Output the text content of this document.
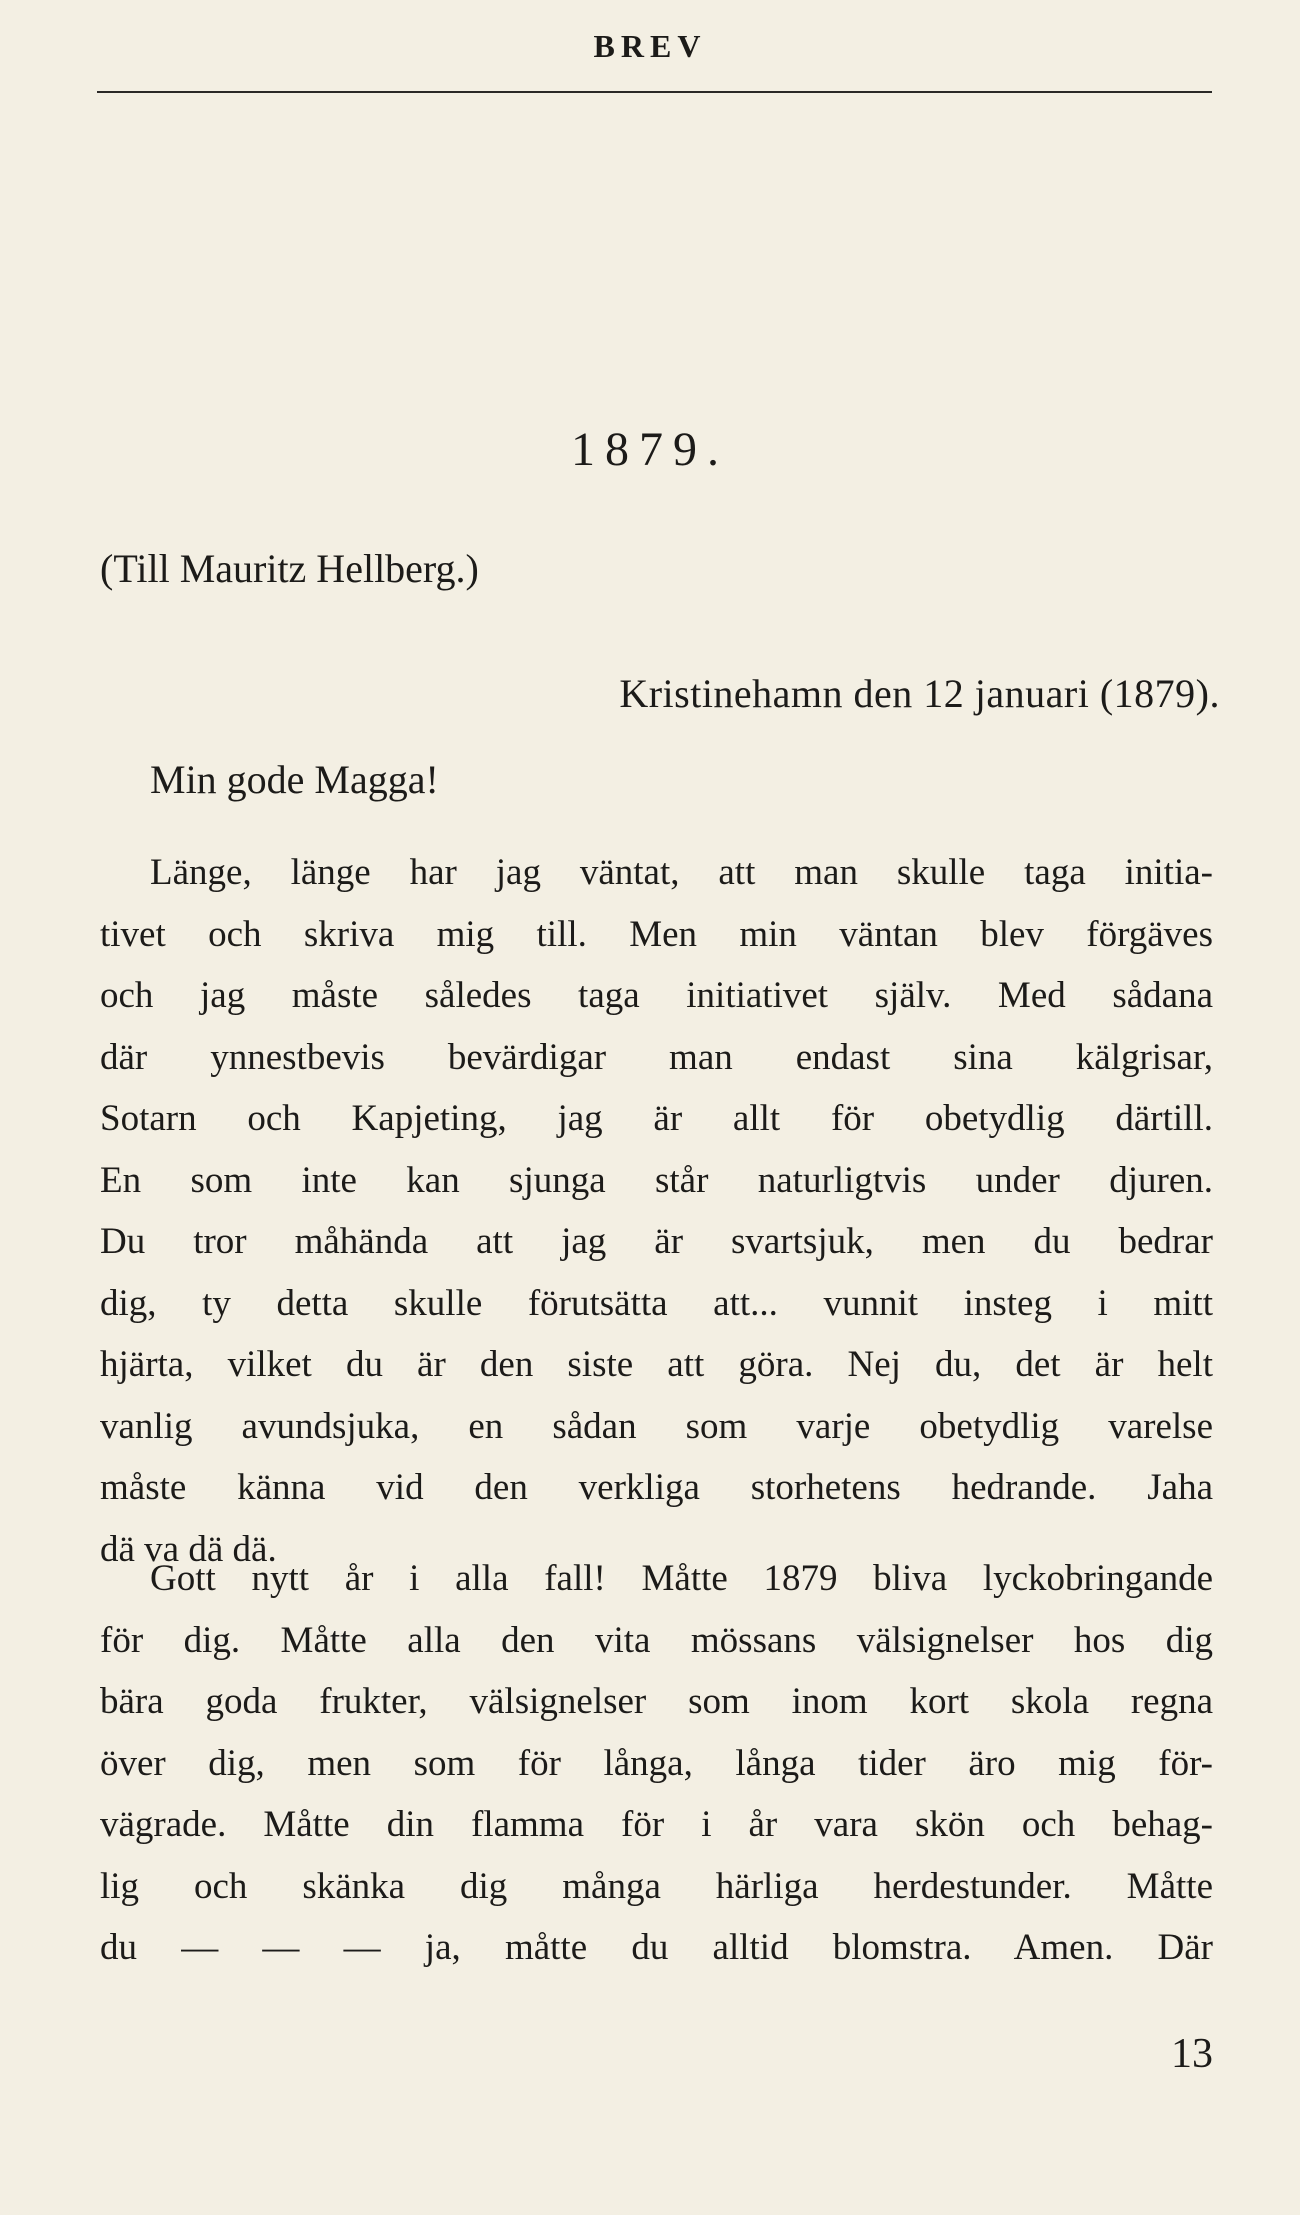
BREV
1879.
(Till Mauritz Hellberg.)
Kristinehamn den 12 januari (1879).
Min gode Magga!
Länge, länge har jag väntat, att man skulle taga initia-
tivet och skriva mig till. Men min väntan blev förgäves
och jag måste således taga initiativet själv. Med sådana
där ynnestbevis bevärdigar man endast sina kälgrisar,
Sotarn och Kapjeting, jag är allt för obetydlig därtill.
En som inte kan sjunga står naturligtvis under djuren.
Du tror måhända att jag är svartsjuk, men du bedrar
dig, ty detta skulle förutsätta att... vunnit insteg i mitt
hjärta, vilket du är den siste att göra. Nej du, det är helt
vanlig avundsjuka, en sådan som varje obetydlig varelse
måste känna vid den verkliga storhetens hedrande. Jaha
dä va dä dä.
Gott nytt år i alla fall! Måtte 1879 bliva lyckobringande
för dig. Måtte alla den vita mössans välsignelser hos dig
bära goda frukter, välsignelser som inom kort skola regna
över dig, men som för långa, långa tider äro mig för-
vägrade. Måtte din flamma för i år vara skön och behag-
lig och skänka dig många härliga herdestunder. Måtte
du — — — ja, måtte du alltid blomstra. Amen. Där
13
